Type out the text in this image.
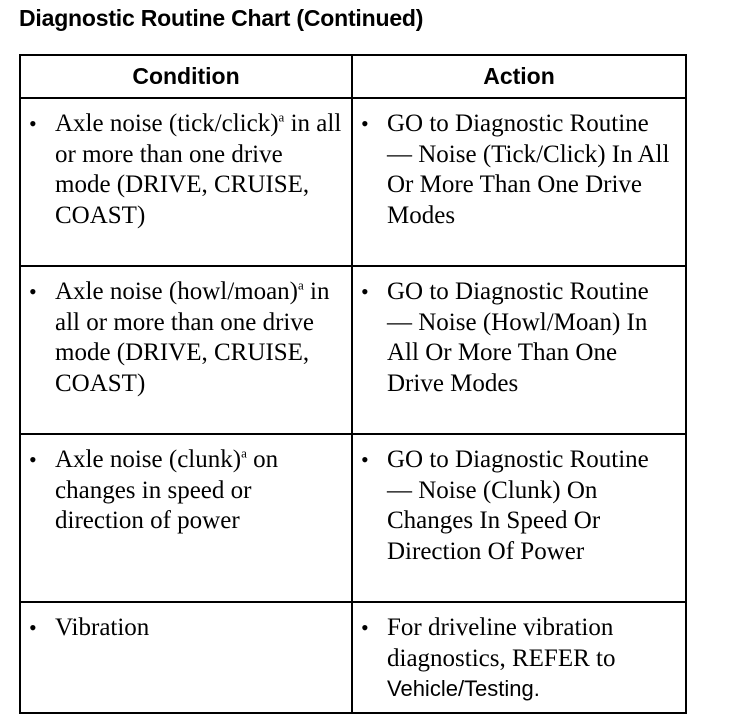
Diagnostic Routine Chart (Continued)
Condition	Action

• Axle noise (tick/click)$^a$ in all or more than one drive mode (DRIVE, CRUISE, COAST)	• GO to Diagnostic Routine — Noise (Tick/Click) In All Or More Than One Drive Modes

• Axle noise (howl/moan)$^a$ in all or more than one drive mode (DRIVE, CRUISE, COAST)	• GO to Diagnostic Routine — Noise (Howl/Moan) In All Or More Than One Drive Modes

• Axle noise (clunk)$^a$ on changes in speed or direction of power	• GO to Diagnostic Routine — Noise (Clunk) On Changes In Speed Or Direction Of Power

• Vibration	• For driveline vibration diagnostics, REFER to Vehicle/Testing.
